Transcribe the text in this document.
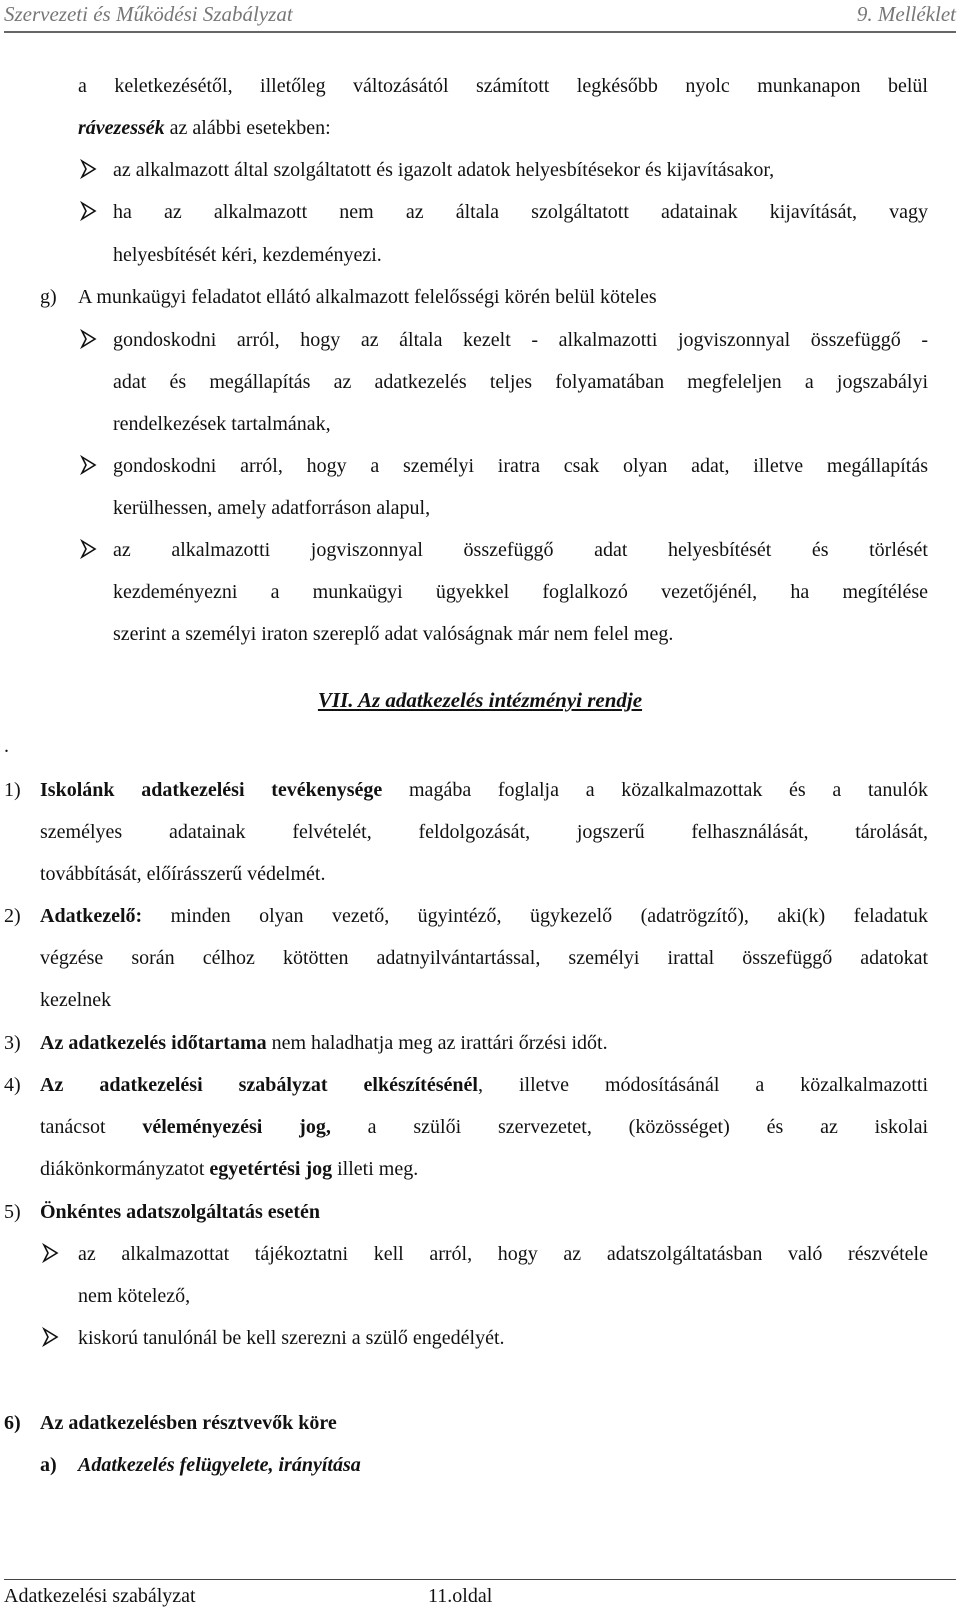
Szervezeti és Működési Szabályzat	9. Melléklet
a keletkezésétől, illetőleg változásától számított legkésőbb nyolc munkanapon belül
rávezessék az alábbi esetekben:
az alkalmazott által szolgáltatott és igazolt adatok helyesbítésekor és kijavításakor,
ha az alkalmazott nem az általa szolgáltatott adatainak kijavítását, vagy
helyesbítését kéri, kezdeményezi.
g) A munkaügyi feladatot ellátó alkalmazott felelősségi körén belül köteles
gondoskodni arról, hogy az általa kezelt - alkalmazotti jogviszonnyal összefüggő -
adat és megállapítás az adatkezelés teljes folyamatában megfeleljen a jogszabályi
rendelkezések tartalmának,
gondoskodni arról, hogy a személyi iratra csak olyan adat, illetve megállapítás
kerülhessen, amely adatforráson alapul,
az alkalmazotti jogviszonnyal összefüggő adat helyesbítését és törlését
kezdeményezni a munkaügyi ügyekkel foglalkozó vezetőjénél, ha megítélése
szerint a személyi iraton szereplő adat valóságnak már nem felel meg.
VII. Az adatkezelés intézményi rendje
.
1) Iskolánk adatkezelési tevékenysége magába foglalja a közalkalmazottak és a tanulók
személyes adatainak felvételét, feldolgozását, jogszerű felhasználását, tárolását,
továbbítását, előírásszerű védelmét.
2) Adatkezelő: minden olyan vezető, ügyintéző, ügykezelő (adatrögzítő), aki(k) feladatuk
végzése során célhoz kötötten adatnyilvántartással, személyi irattal összefüggő adatokat
kezelnek
3) Az adatkezelés időtartama nem haladhatja meg az irattári őrzési időt.
4) Az adatkezelési szabályzat elkészítésénél, illetve módosításánál a közalkalmazotti
tanácsot véleményezési jog, a szülői szervezetet, (közösséget) és az iskolai
diákönkormányzatot egyetértési jog illeti meg.
5) Önkéntes adatszolgáltatás esetén
az alkalmazottat tájékoztatni kell arról, hogy az adatszolgáltatásban való részvétele
nem kötelező,
kiskorú tanulónál be kell szerezni a szülő engedélyét.
6) Az adatkezelésben résztvevők köre
a) Adatkezelés felügyelete, irányítása
Adatkezelési szabályzat	11.oldal
